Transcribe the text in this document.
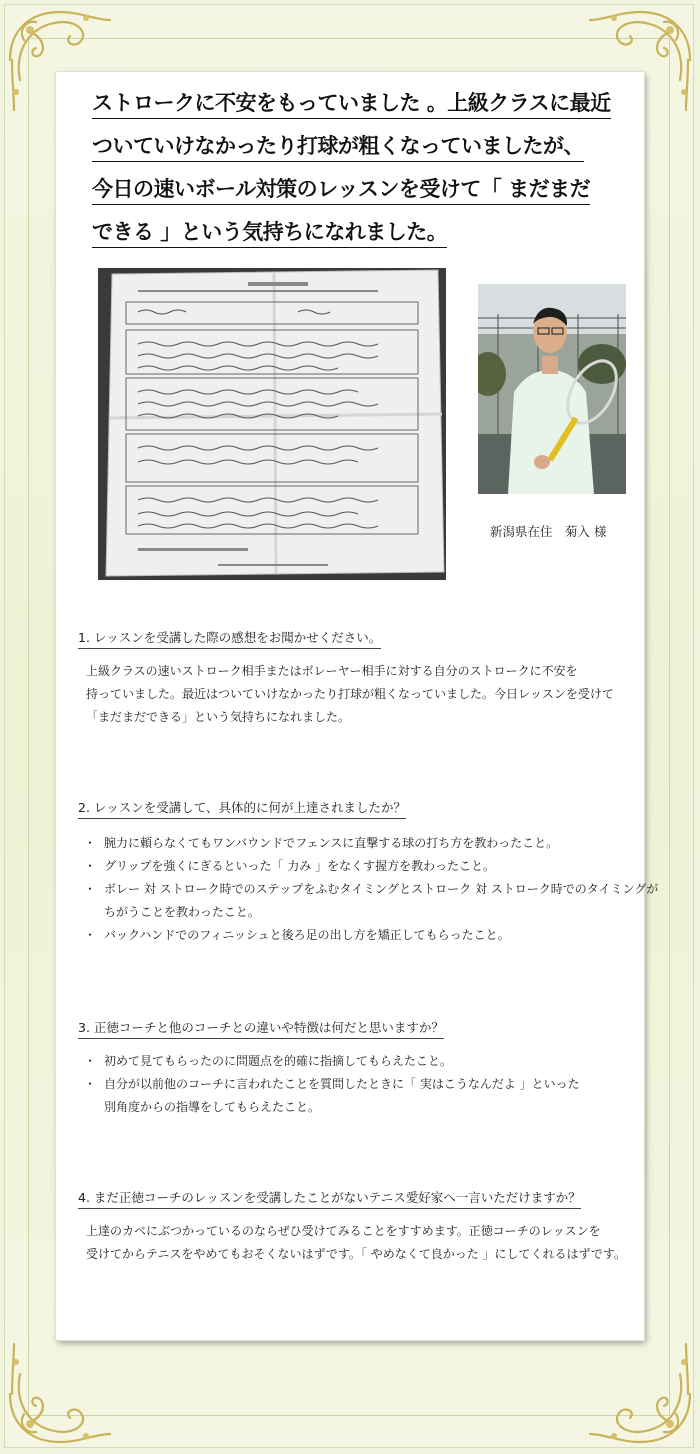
ストロークに不安をもっていました 。上級クラスに最近 ついていけなかったり打球が粗くなっていましたが、 今日の速いボール対策のレッスンを受けて「 まだまだ できる 」という気持ちになれました。
新潟県在住　菊入 様
1. レッスンを受講した際の感想をお聞かせください。
上級クラスの速いストローク相手またはボレーヤー相手に対する自分のストロークに不安を
持っていました。最近はついていけなかったり打球が粗くなっていました。今日レッスンを受けて
「まだまだできる」という気持ちになれました。
2. レッスンを受講して、具体的に何が上達されましたか？
・ 腕力に頼らなくてもワンバウンドでフェンスに直撃する球の打ち方を教わったこと。
・ グリップを強くにぎるといった「 力み 」をなくす握方を教わったこと。
・ ボレー 対 ストローク時でのステップをふむタイミングとストローク 対 ストローク時でのタイミングが
ちがうことを教わったこと。
・ バックハンドでのフィニッシュと後ろ足の出し方を矯正してもらったこと。
3. 正徳コーチと他のコーチとの違いや特徴は何だと思いますか？
・ 初めて見てもらったのに問題点を的確に指摘してもらえたこと。
・ 自分が以前他のコーチに言われたことを質問したときに「 実はこうなんだよ 」といった
別角度からの指導をしてもらえたこと。
4. まだ正徳コーチのレッスンを受講したことがないテニス愛好家へ一言いただけますか？
上達のカベにぶつかっているのならぜひ受けてみることをすすめます。正徳コーチのレッスンを
受けてからテニスをやめてもおそくないはずです。「 やめなくて良かった 」にしてくれるはずです。
